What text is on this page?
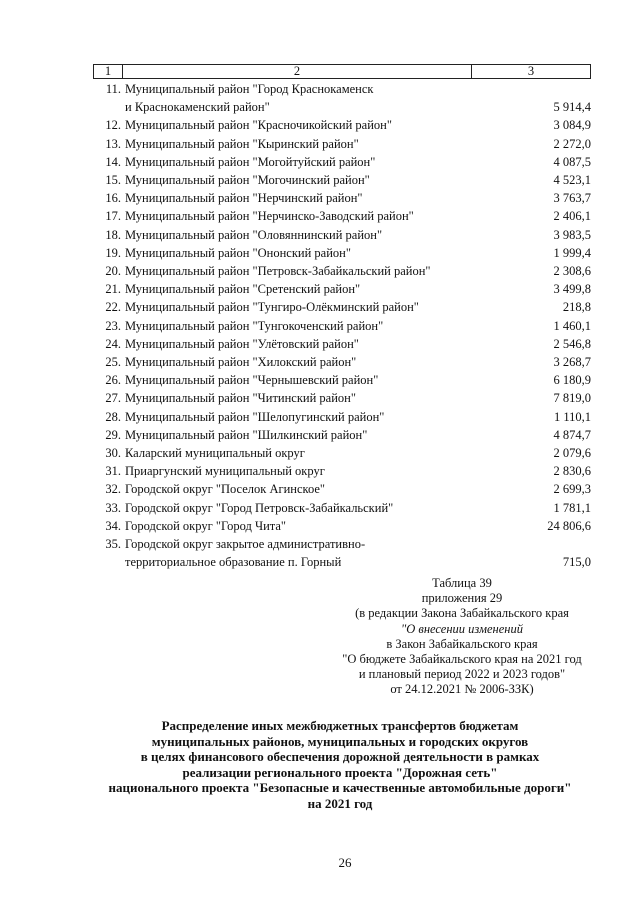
1	2	3
11. Муниципальный район "Город Краснокаменск
и Краснокаменский район"	5 914,4
12. Муниципальный район "Красночикойский район"	3 084,9
13. Муниципальный район "Кыринский район"	2 272,0
14. Муниципальный район "Могойтуйский район"	4 087,5
15. Муниципальный район "Могочинский район"	4 523,1
16. Муниципальный район "Нерчинский район"	3 763,7
17. Муниципальный район "Нерчинско-Заводский район"	2 406,1
18. Муниципальный район "Оловяннинский район"	3 983,5
19. Муниципальный район "Ононский район"	1 999,4
20. Муниципальный район "Петровск-Забайкальский район"	2 308,6
21. Муниципальный район "Сретенский район"	3 499,8
22. Муниципальный район "Тунгиро-Олёкминский район"	218,8
23. Муниципальный район "Тунгокоченский район"	1 460,1
24. Муниципальный район "Улётовский район"	2 546,8
25. Муниципальный район "Хилокский район"	3 268,7
26. Муниципальный район "Чернышевский район"	6 180,9
27. Муниципальный район "Читинский район"	7 819,0
28. Муниципальный район "Шелопугинский район"	1 110,1
29. Муниципальный район "Шилкинский район"	4 874,7
30. Каларский муниципальный округ	2 079,6
31. Приаргунский муниципальный округ	2 830,6
32. Городской округ "Поселок Агинское"	2 699,3
33. Городской округ "Город Петровск-Забайкальский"	1 781,1
34. Городской округ "Город Чита"	24 806,6
35. Городской округ закрытое административно-
территориальное образование п. Горный	715,0
Таблица 39
приложения 29
(в редакции Закона Забайкальского края
"О внесении изменений
в Закон Забайкальского края
"О бюджете Забайкальского края на 2021 год
и плановый период 2022 и 2023 годов"
от 24.12.2021 № 2006-ЗЗК)
Распределение иных межбюджетных трансфертов бюджетам
муниципальных районов, муниципальных и городских округов
в целях финансового обеспечения дорожной деятельности в рамках
реализации регионального проекта "Дорожная сеть"
национального проекта "Безопасные и качественные автомобильные дороги"
на 2021 год
26
